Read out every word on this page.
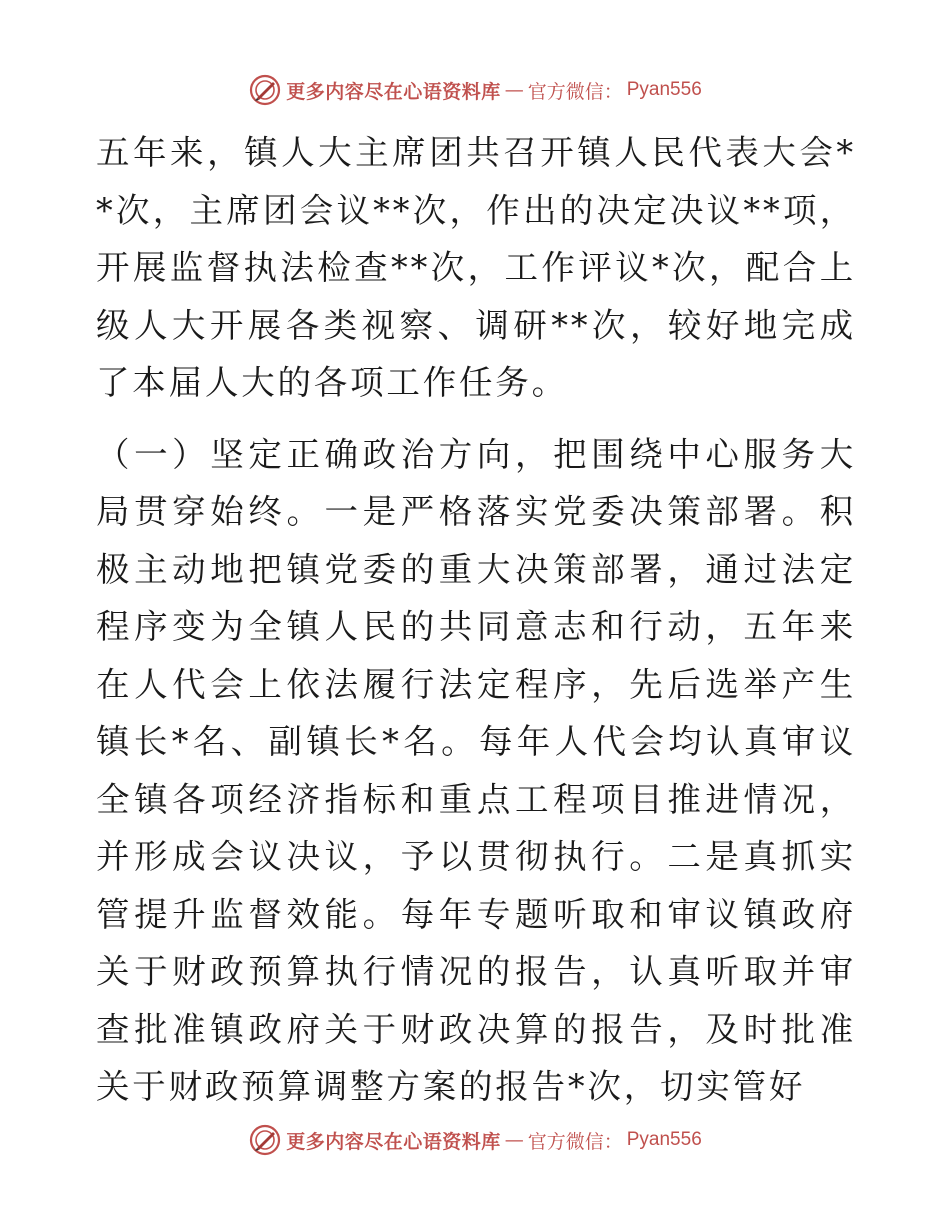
更多内容尽在心语资料库 — 官方微信： Pyan556

五年来，镇人大主席团共召开镇人民代表大会**次，主席团会议**次，作出的决定决议**项，开展监督执法检查**次，工作评议*次，配合上级人大开展各类视察、调研**次，较好地完成了本届人大的各项工作任务。

（一）坚定正确政治方向，把围绕中心服务大局贯穿始终。一是严格落实党委决策部署。积极主动地把镇党委的重大决策部署，通过法定程序变为全镇人民的共同意志和行动，五年来在人代会上依法履行法定程序，先后选举产生镇长*名、副镇长*名。每年人代会均认真审议全镇各项经济指标和重点工程项目推进情况，并形成会议决议，予以贯彻执行。二是真抓实管提升监督效能。每年专题听取和审议镇政府关于财政预算执行情况的报告，认真听取并审查批准镇政府关于财政决算的报告，及时批准关于财政预算调整方案的报告*次，切实管好

更多内容尽在心语资料库 — 官方微信： Pyan556
